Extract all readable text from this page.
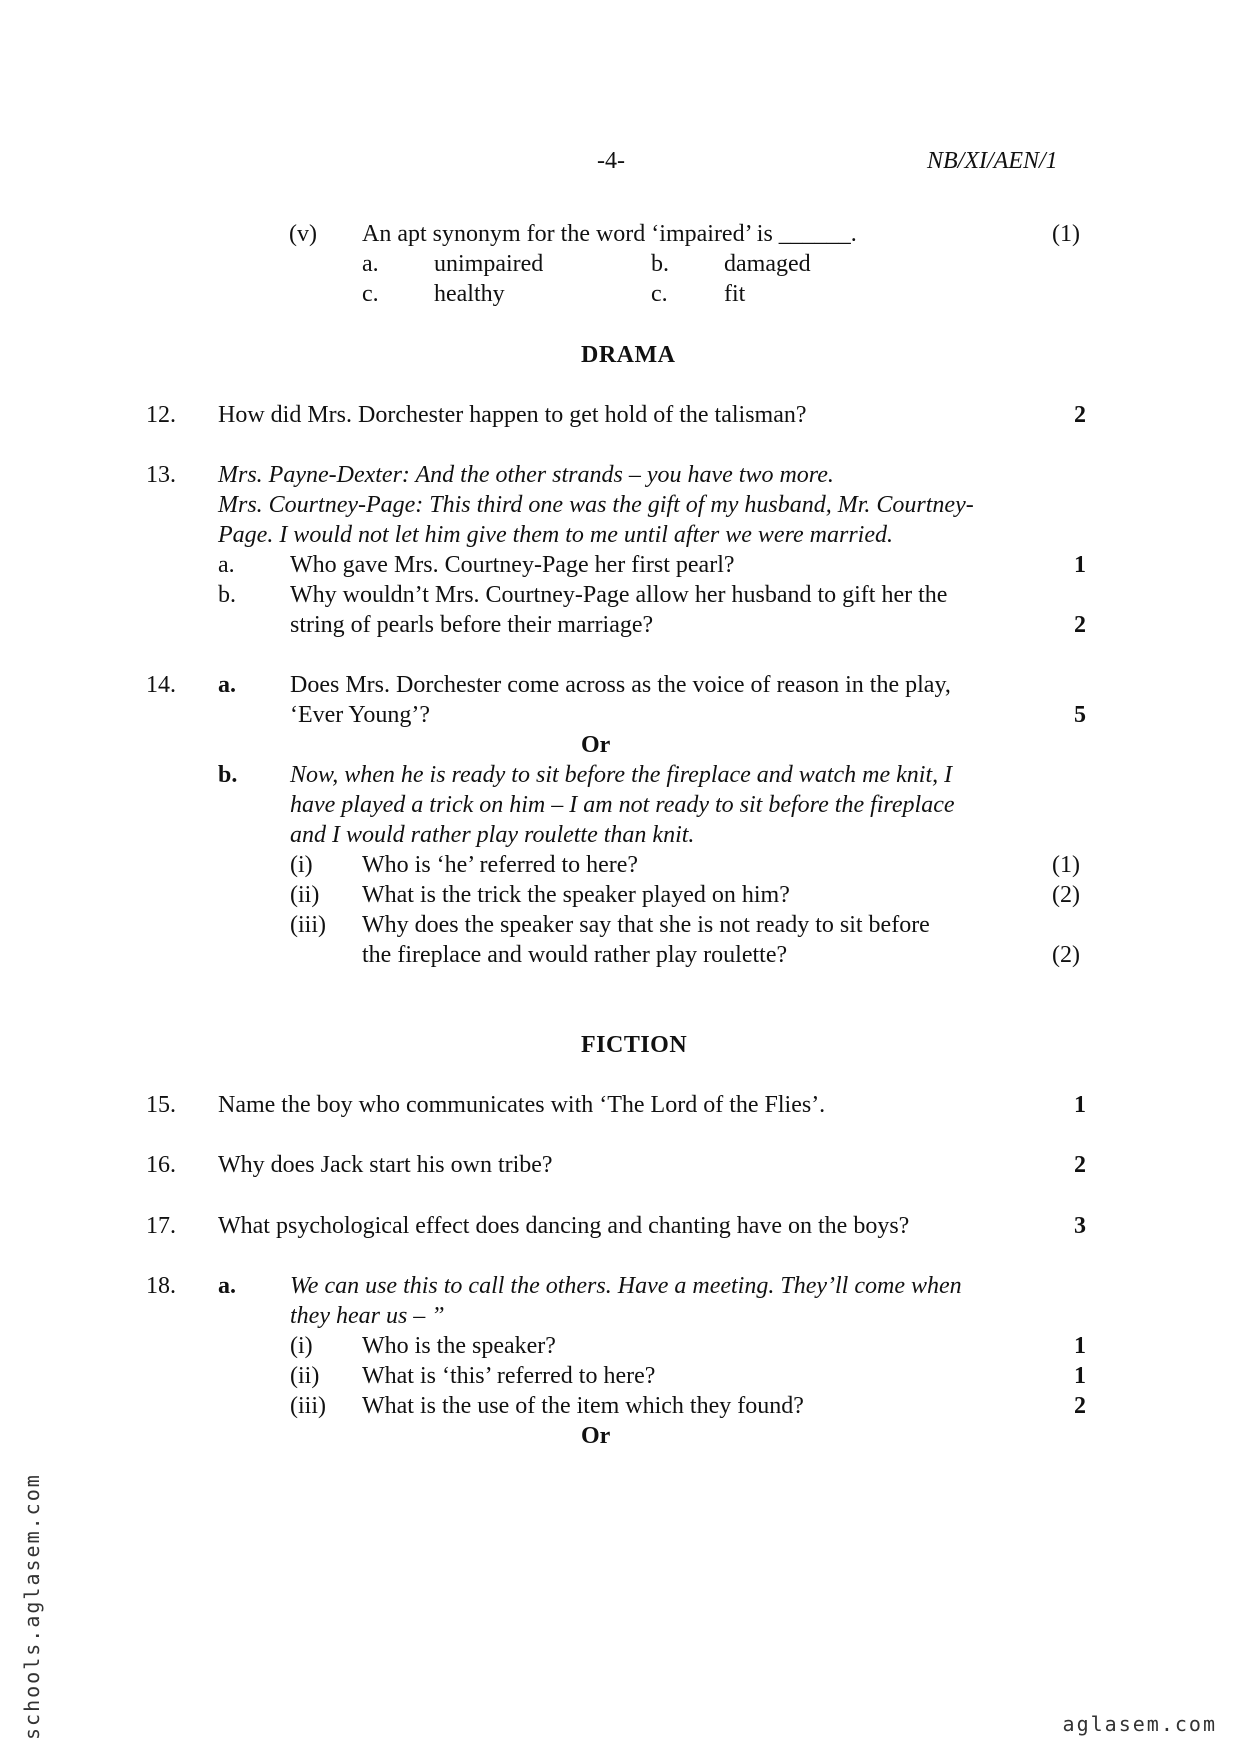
-4-	NB/XI/AEN/1
(v) An apt synonym for the word ‘impaired’ is ______.	(1)
a. unimpaired	b. damaged
c. healthy	c. fit
DRAMA
12. How did Mrs. Dorchester happen to get hold of the talisman?	2
13. Mrs. Payne-Dexter: And the other strands – you have two more.
Mrs. Courtney-Page: This third one was the gift of my husband, Mr. Courtney-
Page. I would not let him give them to me until after we were married.
a. Who gave Mrs. Courtney-Page her first pearl?	1
b. Why wouldn’t Mrs. Courtney-Page allow her husband to gift her the
string of pearls before their marriage?	2
14. a. Does Mrs. Dorchester come across as the voice of reason in the play,
‘Ever Young’?	5
Or
b. Now, when he is ready to sit before the fireplace and watch me knit, I
have played a trick on him – I am not ready to sit before the fireplace
and I would rather play roulette than knit.
(i) Who is ‘he’ referred to here?	(1)
(ii) What is the trick the speaker played on him?	(2)
(iii) Why does the speaker say that she is not ready to sit before
the fireplace and would rather play roulette?	(2)
FICTION
15. Name the boy who communicates with ‘The Lord of the Flies’.	1
16. Why does Jack start his own tribe?	2
17. What psychological effect does dancing and chanting have on the boys?	3
18. a. We can use this to call the others. Have a meeting. They’ll come when
they hear us – ”
(i) Who is the speaker?	1
(ii) What is ‘this’ referred to here?	1
(iii) What is the use of the item which they found?	2
Or
schools.aglasem.com	aglasem.com
